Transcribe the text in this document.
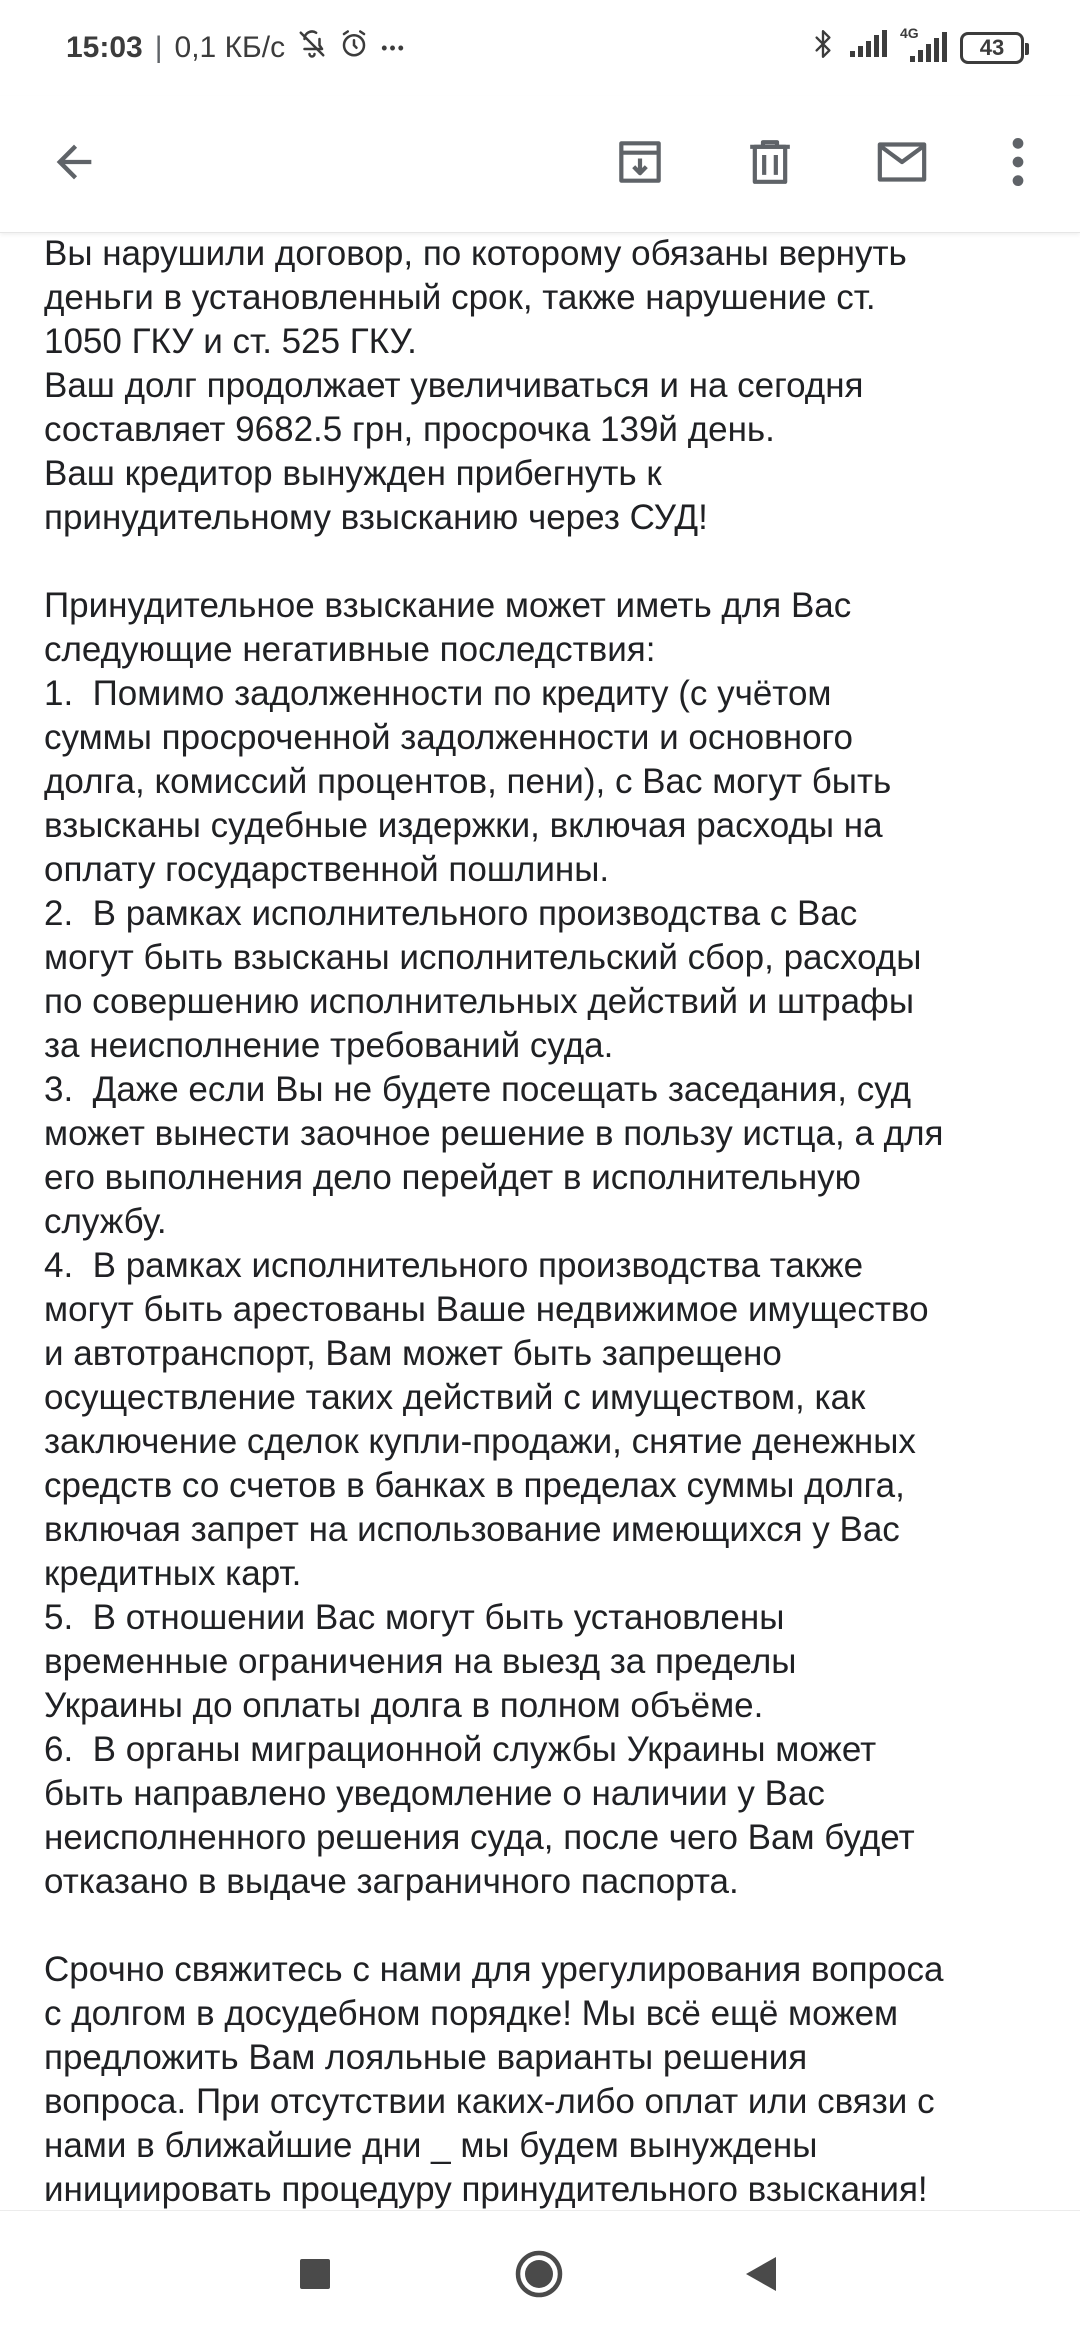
15:03 | 0,1 КБ/с	•••
4G
43

Вы нарушили договор, по которому обязаны вернуть

деньги в установленный срок, также нарушение ст.

1050 ГКУ и ст. 525 ГКУ.

Ваш долг продолжает увеличиваться и на сегодня

составляет 9682.5 грн, просрочка 139й день.

Ваш кредитор вынужден прибегнуть к

принудительному взысканию через СУД!

Принудительное взыскание может иметь для Вас

следующие негативные последствия:

1.  Помимо задолженности по кредиту (с учётом

суммы просроченной задолженности и основного

долга, комиссий процентов, пени), с Вас могут быть

взысканы судебные издержки, включая расходы на

оплату государственной пошлины.

2.  В рамках исполнительного производства с Вас

могут быть взысканы исполнительский сбор, расходы

по совершению исполнительных действий и штрафы

за неисполнение требований суда.

3.  Даже если Вы не будете посещать заседания, суд

может вынести заочное решение в пользу истца, а для

его выполнения дело перейдет в исполнительную

службу.

4.  В рамках исполнительного производства также

могут быть арестованы Ваше недвижимое имущество

и автотранспорт, Вам может быть запрещено

осуществление таких действий с имуществом, как

заключение сделок купли-продажи, снятие денежных

средств со счетов в банках в пределах суммы долга,

включая запрет на использование имеющихся у Вас

кредитных карт.

5.  В отношении Вас могут быть установлены

временные ограничения на выезд за пределы

Украины до оплаты долга в полном объёме.

6.  В органы миграционной службы Украины может

быть направлено уведомление о наличии у Вас

неисполненного решения суда, после чего Вам будет

отказано в выдаче заграничного паспорта.

Срочно свяжитесь с нами для урегулирования вопроса

с долгом в досудебном порядке! Мы всё ещё можем

предложить Вам лояльные варианты решения

вопроса. При отсутствии каких-либо оплат или связи с

нами в ближайшие дни _ мы будем вынуждены

инициировать процедуру принудительного взыскания!
